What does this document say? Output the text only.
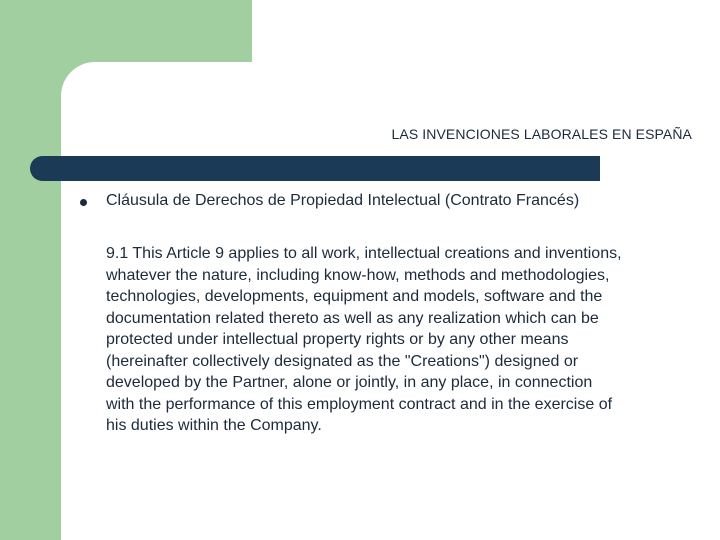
LAS INVENCIONES LABORALES EN ESPAÑA
Cláusula de Derechos de Propiedad Intelectual (Contrato Francés)
9.1 This Article 9 applies to all work, intellectual creations and inventions,
whatever the nature, including know-how, methods and methodologies,
technologies, developments, equipment and models, software and the
documentation related thereto as well as any realization which can be
protected under intellectual property rights or by any other means
(hereinafter collectively designated as the "Creations") designed or
developed by the Partner, alone or jointly, in any place, in connection
with the performance of this employment contract and in the exercise of
his duties within the Company.
